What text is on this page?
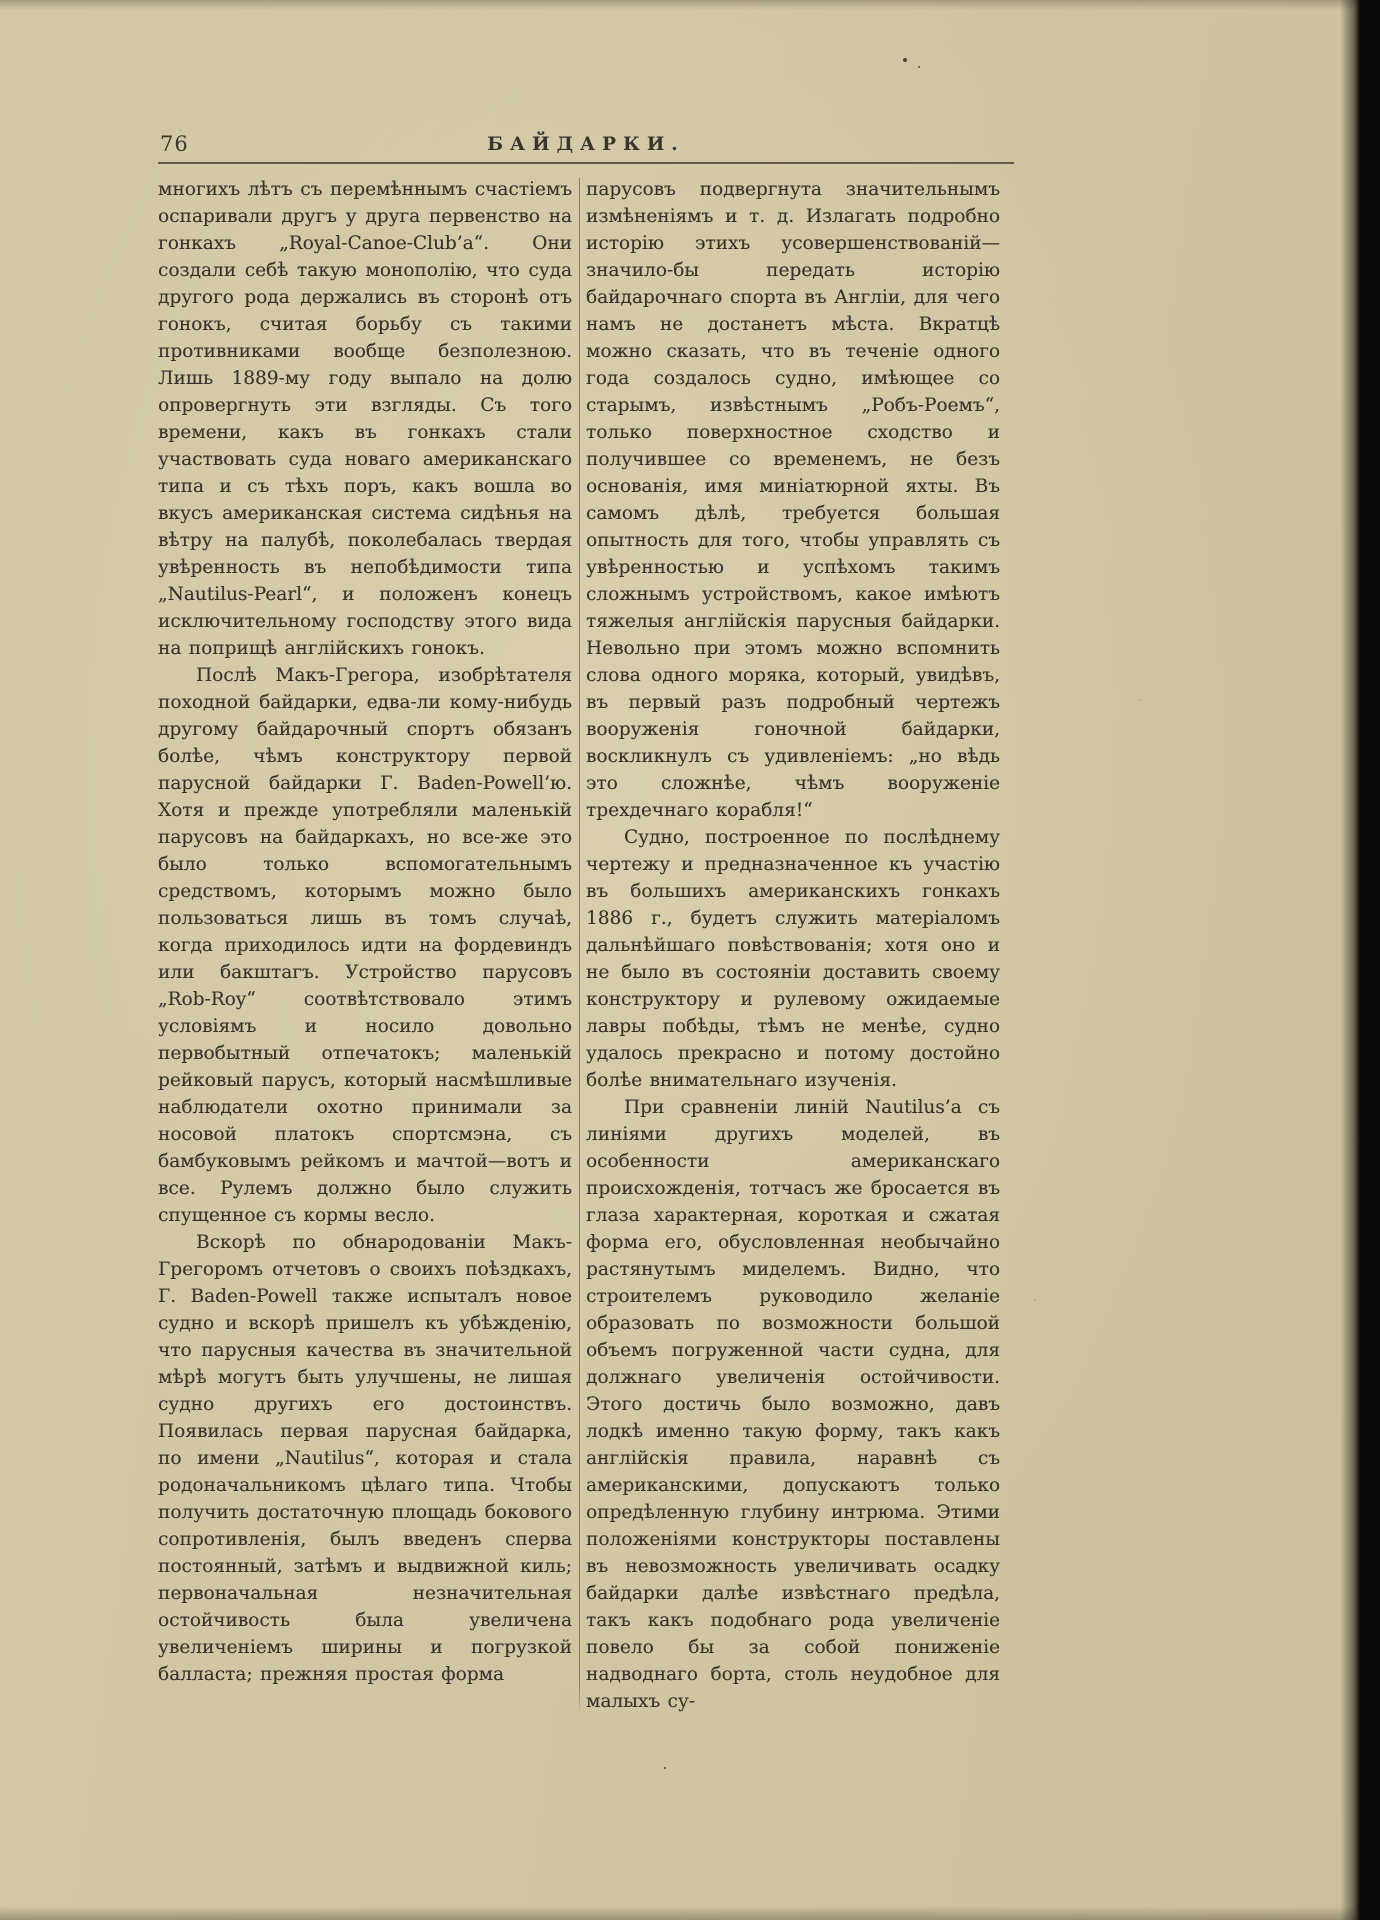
76	БАЙДАРКИ.

многихъ лѣтъ съ перемѣннымъ счастіемъ оспаривали другъ у друга первенство на гонкахъ „Royal-Canoe-Club’a“. Они создали себѣ такую монополію, что суда другого рода держались въ сторонѣ отъ гонокъ, считая борьбу съ такими противниками вообще безполезною. Лишь 1889-му году выпало на долю опровергнуть эти взгляды. Съ того времени, какъ въ гонкахъ стали участвовать суда новаго американскаго типа и съ тѣхъ поръ, какъ вошла во вкусъ американская система сидѣнья на вѣтру на палубѣ, поколебалась твердая увѣренность въ непобѣдимости типа „Nautilus-Pearl“, и положенъ конецъ исключительному господству этого вида на поприщѣ англійскихъ гонокъ.

Послѣ Макъ-Грегора, изобрѣтателя походной байдарки, едва-ли кому-нибудь другому байдарочный спортъ обязанъ болѣе, чѣмъ конструктору первой парусной байдарки Г. Baden-Powell’ю. Хотя и прежде употребляли маленькій парусовъ на байдаркахъ, но все-же это было только вспомогательнымъ средствомъ, которымъ можно было пользоваться лишь въ томъ случаѣ, когда приходилось идти на фордевиндъ или бакштагъ. Устройство парусовъ „Rob-Roy“ соотвѣтствовало этимъ условіямъ и носило довольно первобытный отпечатокъ; маленькій рейковый парусъ, который насмѣшливые наблюдатели охотно принимали за носовой платокъ спортсмэна, съ бамбуковымъ рейкомъ и мачтой—вотъ и все. Рулемъ должно было служить спущенное съ кормы весло.

Вскорѣ по обнародованіи Макъ-Грегоромъ отчетовъ о своихъ поѣздкахъ, Г. Baden-Powell также испыталъ новое судно и вскорѣ пришелъ къ убѣжденію, что парусныя качества въ значительной мѣрѣ могутъ быть улучшены, не лишая судно другихъ его достоинствъ. Появилась первая парусная байдарка, по имени „Nautilus“, которая и стала родоначальникомъ цѣлаго типа. Чтобы получить достаточную площадь бокового сопротивленія, былъ введенъ сперва постоянный, затѣмъ и выдвижной киль; первоначальная незначительная остойчивость была увеличена увеличеніемъ ширины и погрузкой балласта; прежняя простая форма

парусовъ подвергнута значительнымъ измѣненіямъ и т. д. Излагать подробно исторію этихъ усовершенствованій—значило-бы передать исторію байдарочнаго спорта въ Англіи, для чего намъ не достанетъ мѣста. Вкратцѣ можно сказать, что въ теченіе одного года создалось судно, имѣющее со старымъ, извѣстнымъ „Робъ-Роемъ“, только поверхностное сходство и получившее со временемъ, не безъ основанія, имя миніатюрной яхты. Въ самомъ дѣлѣ, требуется большая опытность для того, чтобы управлять съ увѣренностью и успѣхомъ такимъ сложнымъ устройствомъ, какое имѣютъ тяжелыя англійскія парусныя байдарки. Невольно при этомъ можно вспомнить слова одного моряка, который, увидѣвъ, въ первый разъ подробный чертежъ вооруженія гоночной байдарки, воскликнулъ съ удивленіемъ: „но вѣдь это сложнѣе, чѣмъ вооруженіе трехдечнаго корабля!“

Судно, построенное по послѣднему чертежу и предназначенное къ участію въ большихъ американскихъ гонкахъ 1886 г., будетъ служить матеріаломъ дальнѣйшаго повѣствованія; хотя оно и не было въ состояніи доставить своему конструктору и рулевому ожидаемые лавры побѣды, тѣмъ не менѣе, судно удалось прекрасно и потому достойно болѣе внимательнаго изученія.

При сравненіи линій Nautilus’a съ линіями другихъ моделей, въ особенности американскаго происхожденія, тотчасъ же бросается въ глаза характерная, короткая и сжатая форма его, обусловленная необычайно растянутымъ миделемъ. Видно, что строителемъ руководило желаніе образовать по возможности большой объемъ погруженной части судна, для должнаго увеличенія остойчивости. Этого достичь было возможно, давъ лодкѣ именно такую форму, такъ какъ англійскія правила, наравнѣ съ американскими, допускаютъ только опредѣленную глубину интрюма. Этими положеніями конструкторы поставлены въ невозможность увеличивать осадку байдарки далѣе извѣстнаго предѣла, такъ какъ подобнаго рода увеличеніе повело бы за собой пониженіе надводнаго борта, столь неудобное для малыхъ су-
